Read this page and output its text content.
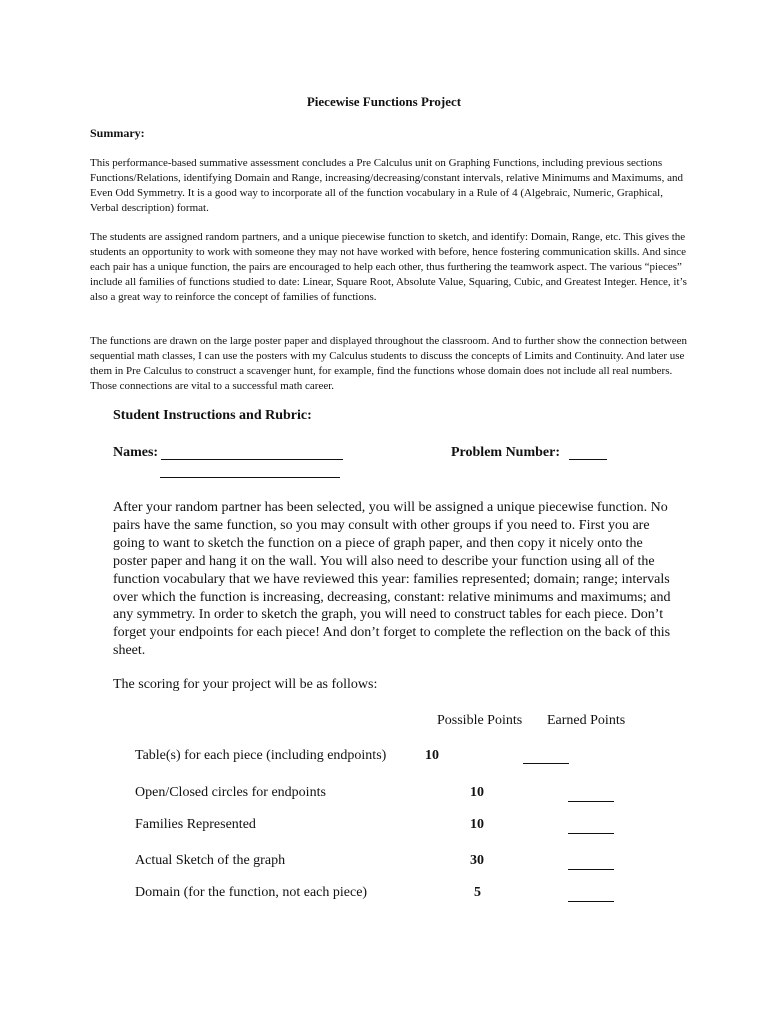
Piecewise Functions Project
Summary:
This performance-based summative assessment concludes a Pre Calculus unit on Graphing Functions, including previous sections Functions/Relations, identifying Domain and Range, increasing/decreasing/constant intervals, relative Minimums and Maximums, and Even Odd Symmetry. It is a good way to incorporate all of the function vocabulary in a Rule of 4 (Algebraic, Numeric, Graphical, Verbal description) format.
The students are assigned random partners, and a unique piecewise function to sketch, and identify: Domain, Range, etc. This gives the students an opportunity to work with someone they may not have worked with before, hence fostering communication skills. And since each pair has a unique function, the pairs are encouraged to help each other, thus furthering the teamwork aspect. The various “pieces” include all families of functions studied to date: Linear, Square Root, Absolute Value, Squaring, Cubic, and Greatest Integer. Hence, it’s also a great way to reinforce the concept of families of functions.
The functions are drawn on the large poster paper and displayed throughout the classroom. And to further show the connection between sequential math classes, I can use the posters with my Calculus students to discuss the concepts of Limits and Continuity. And later use them in Pre Calculus to construct a scavenger hunt, for example, find the functions whose domain does not include all real numbers. Those connections are vital to a successful math career.
Student Instructions and Rubric:
Names:	Problem Number:
After your random partner has been selected, you will be assigned a unique piecewise function. No pairs have the same function, so you may consult with other groups if you need to. First you are going to want to sketch the function on a piece of graph paper, and then copy it nicely onto the poster paper and hang it on the wall. You will also need to describe your function using all of the function vocabulary that we have reviewed this year: families represented; domain; range; intervals over which the function is increasing, decreasing, constant: relative minimums and maximums; and any symmetry. In order to sketch the graph, you will need to construct tables for each piece. Don’t forget your endpoints for each piece! And don’t forget to complete the reflection on the back of this sheet.
The scoring for your project will be as follows:
Possible Points Earned Points
Table(s) for each piece (including endpoints)	10
Open/Closed circles for endpoints	10
Families Represented	10
Actual Sketch of the graph	30
Domain (for the function, not each piece)	5
